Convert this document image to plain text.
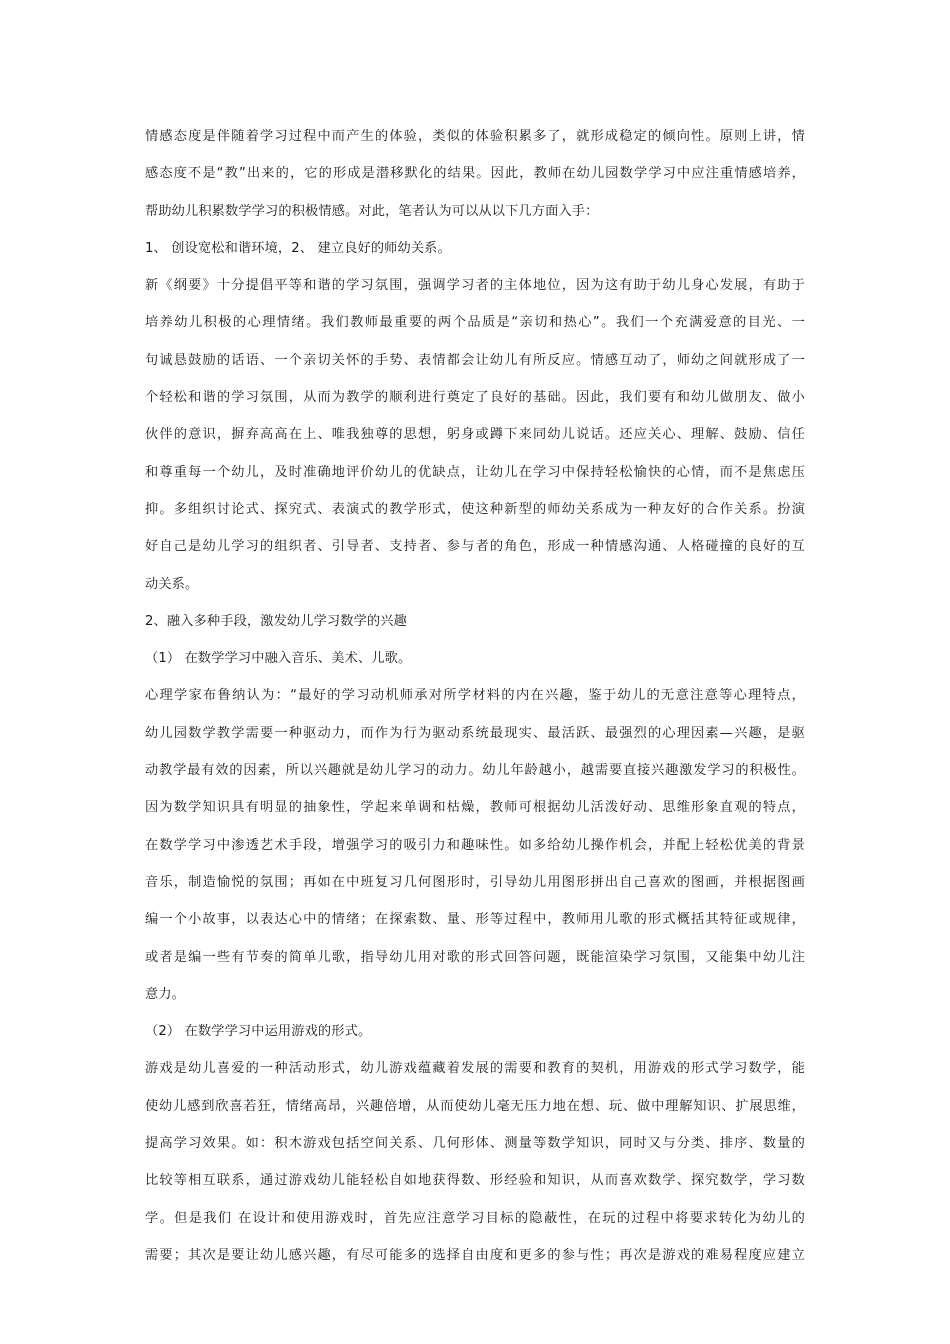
情感态度是伴随着学习过程中而产生的体验，类似的体验积累多了，就形成稳定的倾向性。原则上讲，情

感态度不是“教”出来的，它的形成是潜移默化的结果。因此，教师在幼儿园数学学习中应注重情感培养，

帮助幼儿积累数学学习的积极情感。对此，笔者认为可以从以下几方面入手：

1、 创设宽松和谐环境，2、 建立良好的师幼关系。

新《纲要》十分提倡平等和谐的学习氛围，强调学习者的主体地位，因为这有助于幼儿身心发展，有助于

培养幼儿积极的心理情绪。我们教师最重要的两个品质是“亲切和热心”。我们一个充满爱意的目光、一

句诚恳鼓励的话语、一个亲切关怀的手势、表情都会让幼儿有所反应。情感互动了，师幼之间就形成了一

个轻松和谐的学习氛围，从而为教学的顺利进行奠定了良好的基础。因此，我们要有和幼儿做朋友、做小

伙伴的意识，摒弃高高在上、唯我独尊的思想，躬身或蹲下来同幼儿说话。还应关心、理解、鼓励、信任

和尊重每一个幼儿，及时准确地评价幼儿的优缺点，让幼儿在学习中保持轻松愉快的心情，而不是焦虑压

抑。多组织讨论式、探究式、表演式的教学形式，使这种新型的师幼关系成为一种友好的合作关系。扮演

好自己是幼儿学习的组织者、引导者、支持者、参与者的角色，形成一种情感沟通、人格碰撞的良好的互

动关系。

2、融入多种手段，激发幼儿学习数学的兴趣

（1） 在数学学习中融入音乐、美术、儿歌。

心理学家布鲁纳认为：“最好的学习动机师承对所学材料的内在兴趣，鉴于幼儿的无意注意等心理特点，

幼儿园数学教学需要一种驱动力，而作为行为驱动系统最现实、最活跃、最强烈的心理因素—兴趣，是驱

动教学最有效的因素，所以兴趣就是幼儿学习的动力。幼儿年龄越小，越需要直接兴趣激发学习的积极性。

因为数学知识具有明显的抽象性，学起来单调和枯燥，教师可根据幼儿活泼好动、思维形象直观的特点，

在数学学习中渗透艺术手段，增强学习的吸引力和趣味性。如多给幼儿操作机会，并配上轻松优美的背景

音乐，制造愉悦的氛围；再如在中班复习几何图形时，引导幼儿用图形拼出自己喜欢的图画，并根据图画

编一个小故事，以表达心中的情绪；在探索数、量、形等过程中，教师用儿歌的形式概括其特征或规律，

或者是编一些有节奏的简单儿歌，指导幼儿用对歌的形式回答问题，既能渲染学习氛围，又能集中幼儿注

意力。

（2） 在数学学习中运用游戏的形式。

游戏是幼儿喜爱的一种活动形式，幼儿游戏蕴藏着发展的需要和教育的契机，用游戏的形式学习数学，能

使幼儿感到欣喜若狂，情绪高昂，兴趣倍增，从而使幼儿毫无压力地在想、玩、做中理解知识、扩展思维，

提高学习效果。如：积木游戏包括空间关系、几何形体、测量等数学知识，同时又与分类、排序、数量的

比较等相互联系，通过游戏幼儿能轻松自如地获得数、形经验和知识，从而喜欢数学、探究数学，学习数

学。但是我们 在设计和使用游戏时，首先应注意学习目标的隐蔽性，在玩的过程中将要求转化为幼儿的

需要；其次是要让幼儿感兴趣，有尽可能多的选择自由度和更多的参与性；再次是游戏的难易程度应建立
